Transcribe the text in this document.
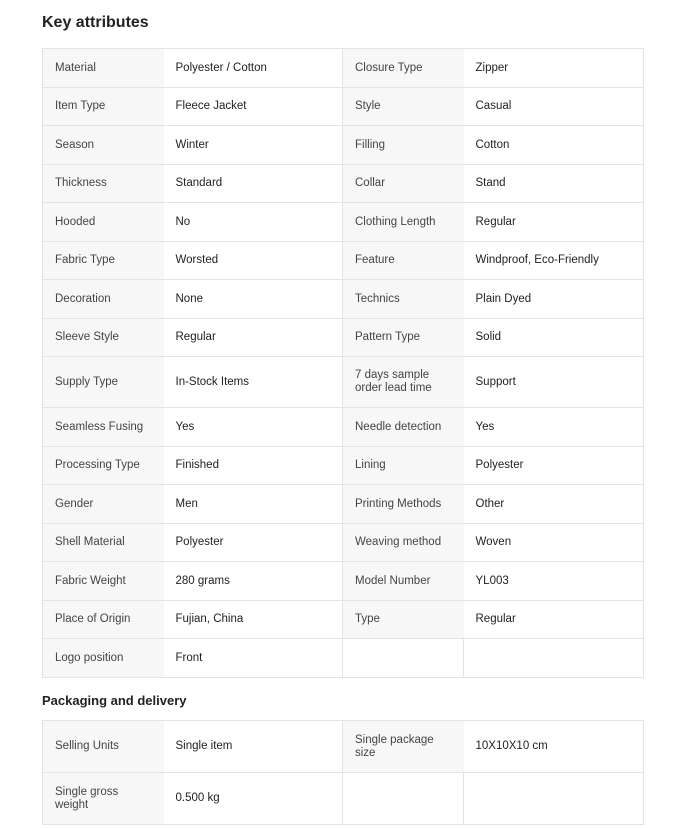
Key attributes
Material	Polyester / Cotton	Closure Type	Zipper
Item Type	Fleece Jacket	Style	Casual
Season	Winter	Filling	Cotton
Thickness	Standard	Collar	Stand
Hooded	No	Clothing Length	Regular
Fabric Type	Worsted	Feature	Windproof, Eco-Friendly
Decoration	None	Technics	Plain Dyed
Sleeve Style	Regular	Pattern Type	Solid
Supply Type	In-Stock Items	7 days sample order lead time	Support
Seamless Fusing	Yes	Needle detection	Yes
Processing Type	Finished	Lining	Polyester
Gender	Men	Printing Methods	Other
Shell Material	Polyester	Weaving method	Woven
Fabric Weight	280 grams	Model Number	YL003
Place of Origin	Fujian, China	Type	Regular
Logo position	Front		
Packaging and delivery
Selling Units	Single item	Single package size	10X10X10 cm
Single gross weight	0.500 kg		
